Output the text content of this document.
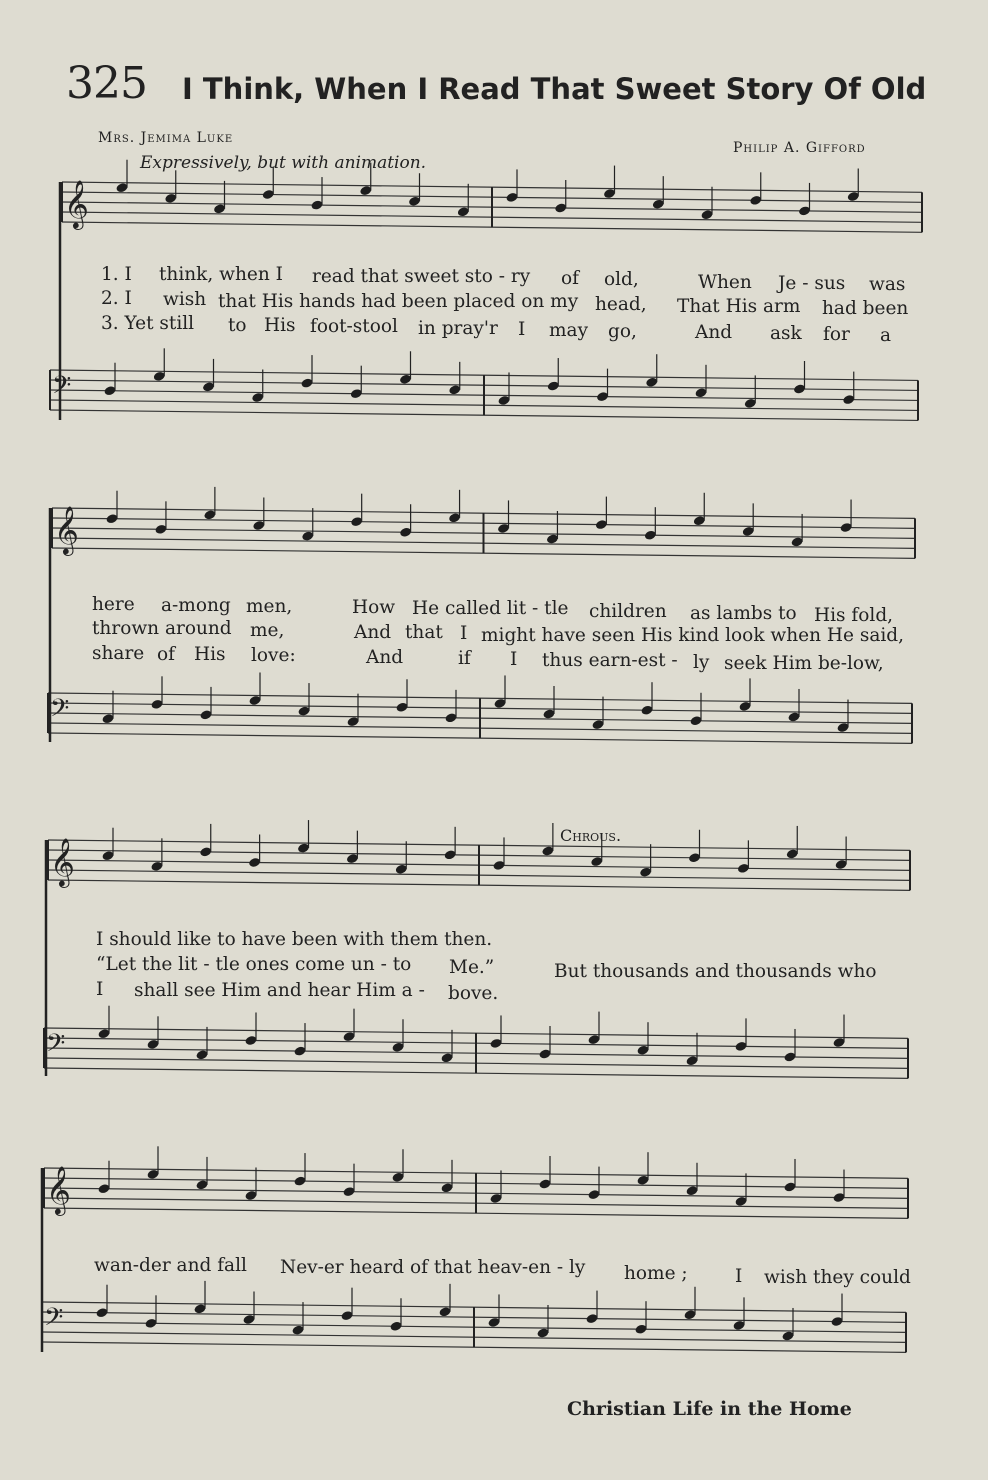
𝄞
𝄢
𝄞
𝄢
𝄞
𝄢
𝄞
𝄢
325 I Think, When I Read That Sweet Story Of Old
Mrs. Jemima Luke
Philip A. Gifford
Expressively, but with animation.
1. I think, when I read that sweet sto - ry of old,	When Je - sus was
2. I wish that His hands had been placed on my head, That His arm had been
3. Yet still to His foot-stool in pray'r I may go,	And ask for a
here a-mong men,	How He called lit - tle children as lambs to His fold,
thrown around me,	And that I might have seen His kind look when He said,
share of His love:	And	if I thus earn-est - ly seek Him be-low,
Chrous.
I should like to have been with them then.
“Let the lit - tle ones come un - to Me.”	But thousands and thousands who
I shall see Him and hear Him a - bove.
wan-der and fall Nev-er heard of that heav-en - ly home ;	I wish they could
Christian Life in the Home
